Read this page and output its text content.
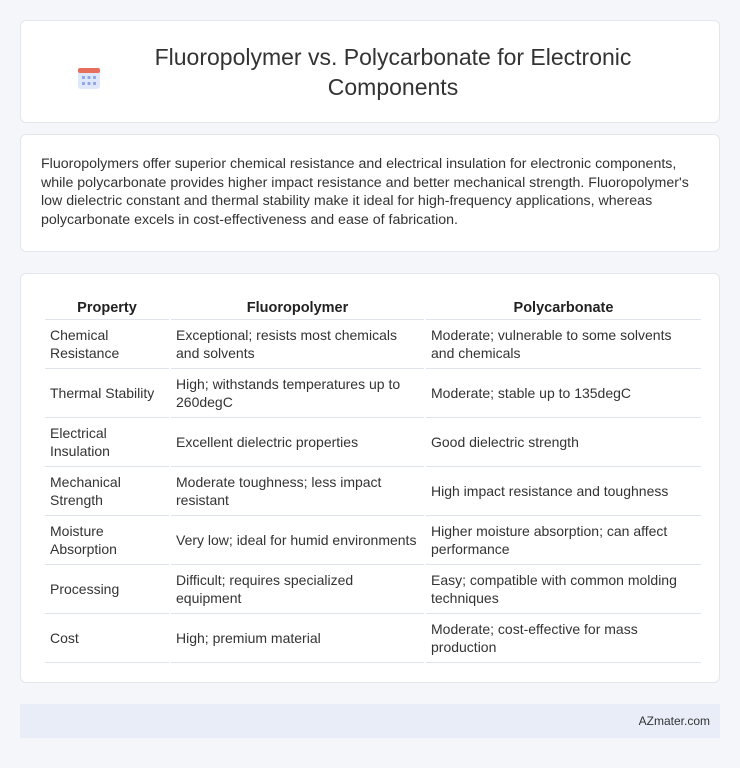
Fluoropolymer vs. Polycarbonate for Electronic Components

Fluoropolymers offer superior chemical resistance and electrical insulation for electronic components, while polycarbonate provides higher impact resistance and better mechanical strength. Fluoropolymer's low dielectric constant and thermal stability make it ideal for high-frequency applications, whereas polycarbonate excels in cost-effectiveness and ease of fabrication.

Property	Fluoropolymer	Polycarbonate
Chemical Resistance	Exceptional; resists most chemicals and solvents	Moderate; vulnerable to some solvents and chemicals
Thermal Stability	High; withstands temperatures up to 260degC	Moderate; stable up to 135degC
Electrical Insulation	Excellent dielectric properties	Good dielectric strength
Mechanical Strength	Moderate toughness; less impact resistant	High impact resistance and toughness
Moisture Absorption	Very low; ideal for humid environments	Higher moisture absorption; can affect performance
Processing	Difficult; requires specialized equipment	Easy; compatible with common molding techniques
Cost	High; premium material	Moderate; cost-effective for mass production
AZmater.com
